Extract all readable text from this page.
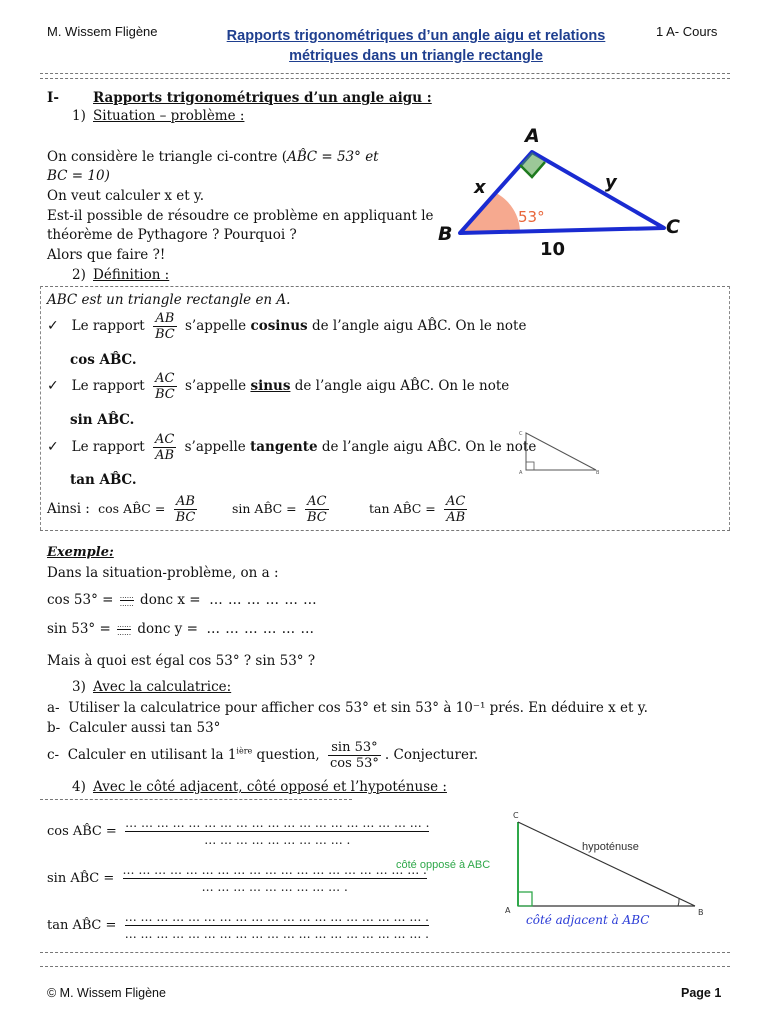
M. Wissem Fligène	Rapports trigonométriques d’un angle aigu et relations
métriques dans un triangle rectangle
1 A- Cours
I-	Rapports trigonométriques d’un angle aigu :
1) Situation – problème :
On considère le triangle ci-contre (AB̂C = 53° et
BC = 10)
On veut calculer x et y.
Est-il possible de résoudre ce problème en appliquant le
théorème de Pythagore ? Pourquoi ?
Alors que faire ?!
A
B	C
x	y
53°
10
2) Définition :
ABC est un triangle rectangle en A.
✓ Le rapport $\frac{AB}{BC}$ s’appelle cosinus de l’angle aigu AB̂C. On le note
cos AB̂C.
✓ Le rapport $\frac{AC}{BC}$ s’appelle sinus de l’angle aigu AB̂C. On le note
sin AB̂C.
✓ Le rapport $\frac{AC}{AB}$ s’appelle tangente de l’angle aigu AB̂C. On le note
tan AB̂C.
C
A	B
Ainsi : cos AB̂C = $\frac{AB}{BC}$	sin AB̂C = $\frac{AC}{BC}$	tan AB̂C = $\frac{AC}{AB}$
Exemple:
Dans la situation-problème, on a :
cos 53° = ……
…… donc x = … … … … … …
sin 53° = ……
…… donc y = … … … … … …
Mais à quoi est égal cos 53° ? sin 53° ?
3) Avec la calculatrice:
a- Utiliser la calculatrice pour afficher cos 53° et sin 53° à 10⁻¹ prés. En déduire x et y.
b- Calculer aussi tan 53°
c- Calculer en utilisant la $1^{ière}$ question, $\frac{\sin 53^\circ}{\cos 53^\circ}$ . Conjecturer.
4) Avec le côté adjacent, côté opposé et l’hypoténuse :
cos AB̂C =
… … … … … … … … … … … … … … … … … … … .
… … … … … … … … … .
sin AB̂C =
… … … … … … … … … … … … … … … … … … … .
… … … … … … … … … .
tan AB̂C =
… … … … … … … … … … … … … … … … … … … .
… … … … … … … … … … … … … … … … … … … .
C
A	B
hypoténuse
côté opposé à ABC
côté adjacent à ABC
© M. Wissem Fligène	Page 1
